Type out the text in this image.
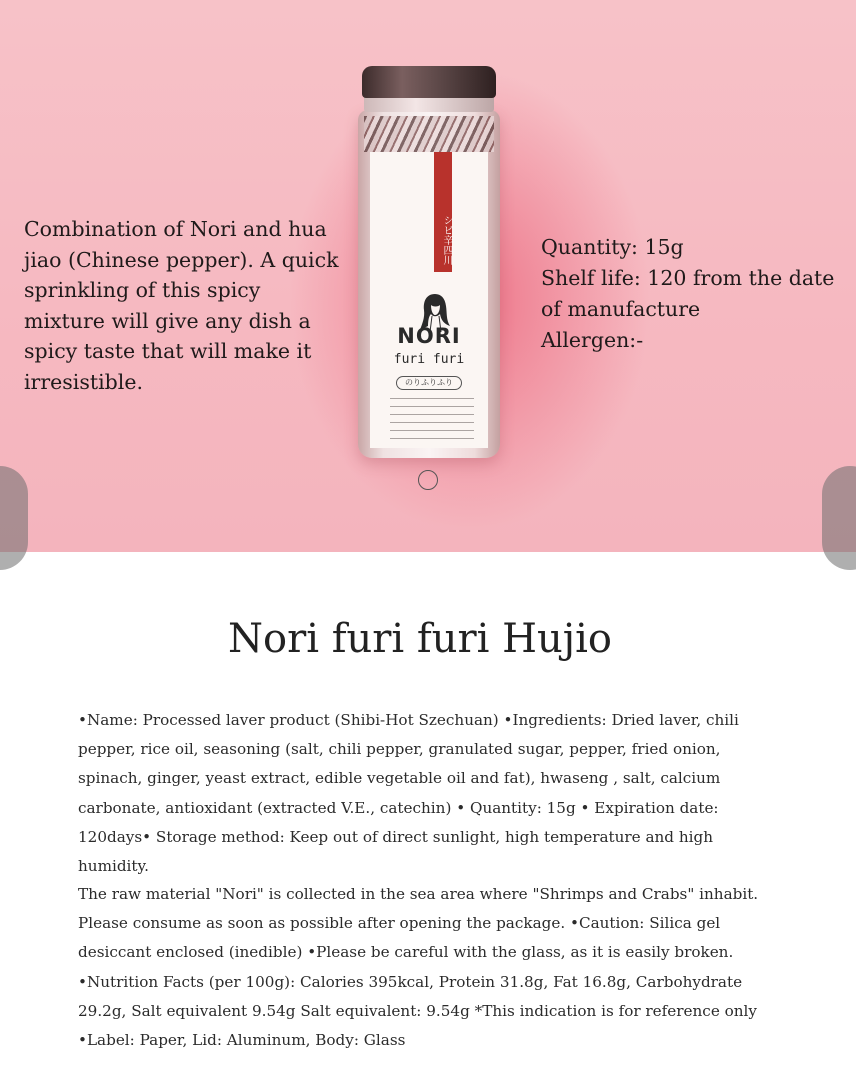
Combination of Nori and hua jiao (Chinese pepper). A quick sprinkling of this spicy mixture will give any dish a spicy taste that will make it irresistible.
シビ辛四川
NORI
furi furi
のりふりふり
Quantity: 15g
Shelf life: 120 from the date of manufacture
Allergen:-
Nori furi furi Hujio

•Name: Processed laver product (Shibi-Hot Szechuan) •Ingredients: Dried laver, chili pepper, rice oil, seasoning (salt, chili pepper, granulated sugar, pepper, fried onion, spinach, ginger, yeast extract, edible vegetable oil and fat), hwaseng , salt, calcium carbonate, antioxidant (extracted V.E., catechin) • Quantity: 15g • Expiration date: 120days• Storage method: Keep out of direct sunlight, high temperature and high humidity.

The raw material "Nori" is collected in the sea area where "Shrimps and Crabs" inhabit. Please consume as soon as possible after opening the package. •Caution: Silica gel desiccant enclosed (inedible) •Please be careful with the glass, as it is easily broken. •Nutrition Facts (per 100g): Calories 395kcal, Protein 31.8g, Fat 16.8g, Carbohydrate 29.2g, Salt equivalent 9.54g Salt equivalent: 9.54g *This indication is for reference only •Label: Paper, Lid: Aluminum, Body: Glass
